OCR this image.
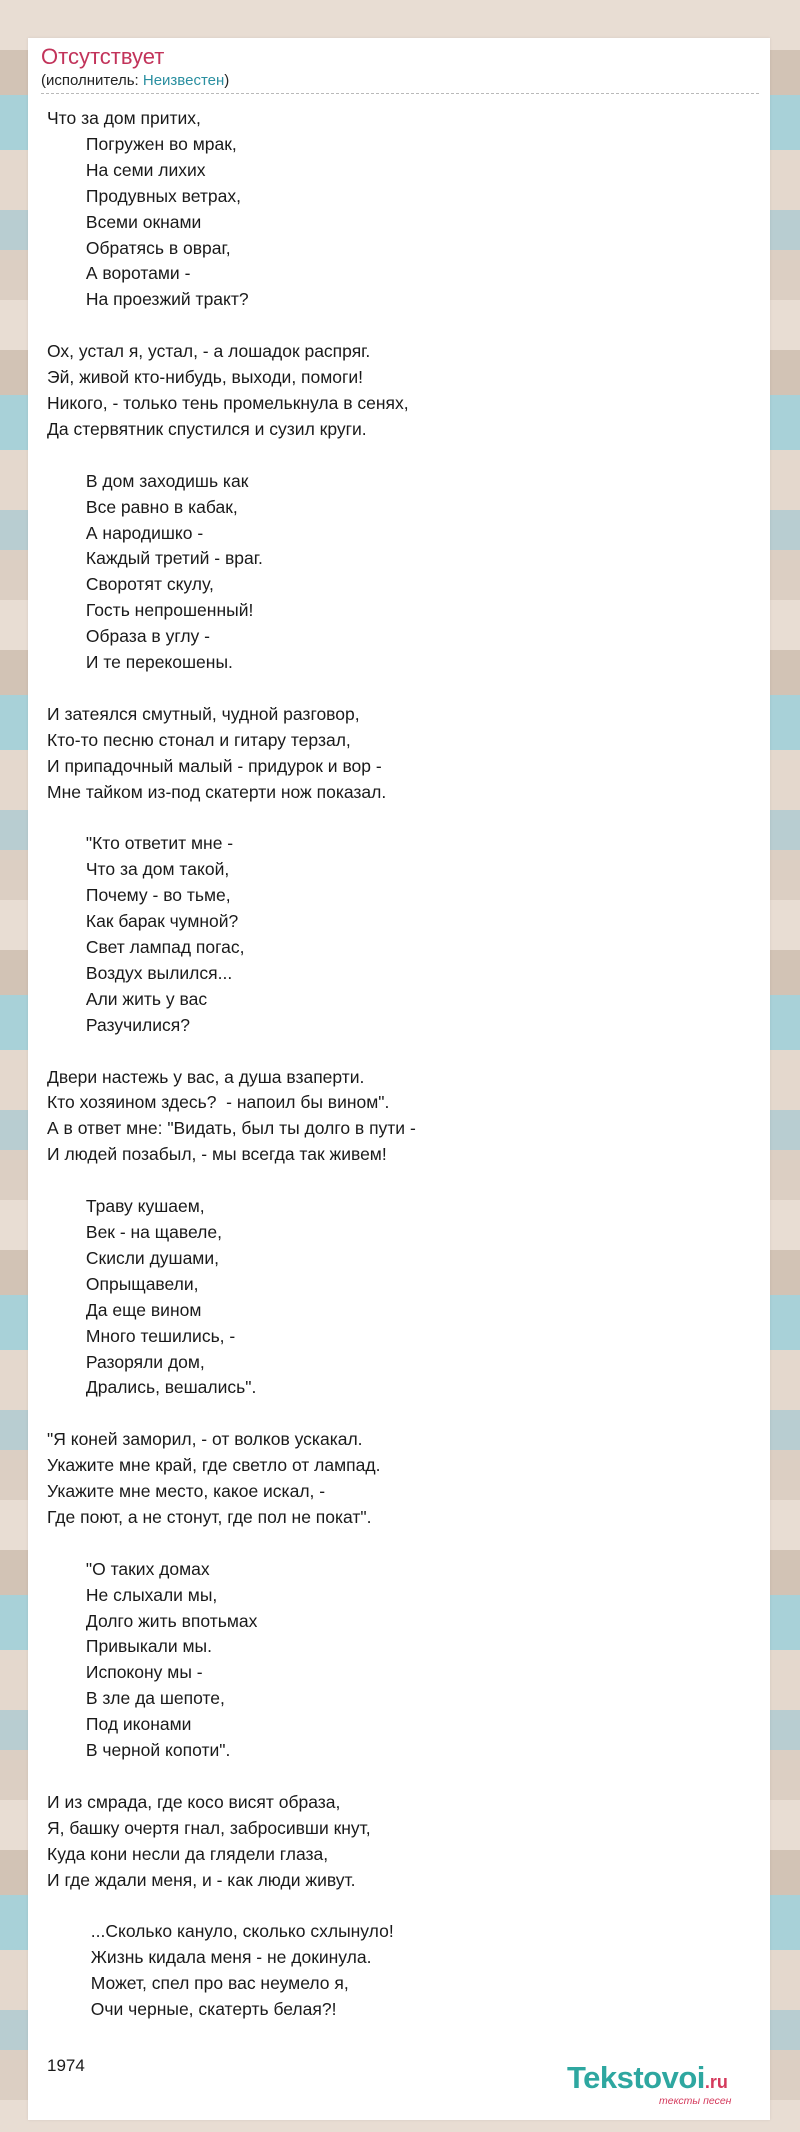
Отсутствует
(исполнитель: Неизвестен)
Что за дом притих,
Погружен во мрак,
На семи лихих
Продувных ветрах,
Всеми окнами
Обратясь в овраг,
А воротами -
На проезжий тракт?

Ох, устал я, устал, - а лошадок распряг.
Эй, живой кто-нибудь, выходи, помоги!
Никого, - только тень промелькнула в сенях,
Да стервятник спустился и сузил круги.

В дом заходишь как
Все равно в кабак,
А народишко -
Каждый третий - враг.
Своротят скулу,
Гость непрошенный!
Образа в углу -
И те перекошены.

И затеялся смутный, чудной разговор,
Кто-то песню стонал и гитару терзал,
И припадочный малый - придурок и вор -
Мне тайком из-под скатерти нож показал.

"Кто ответит мне -
Что за дом такой,
Почему - во тьме,
Как барак чумной?
Свет лампад погас,
Воздух вылился...
Али жить у вас
Разучилися?

Двери настежь у вас, а душа взаперти.
Кто хозяином здесь?  - напоил бы вином".
А в ответ мне: "Видать, был ты долго в пути -
И людей позабыл, - мы всегда так живем!

Траву кушаем,
Век - на щавеле,
Скисли душами,
Опрыщавели,
Да еще вином
Много тешились, -
Разоряли дом,
Дрались, вешались".

"Я коней заморил, - от волков ускакал.
Укажите мне край, где светло от лампад.
Укажите мне место, какое искал, -
Где поют, а не стонут, где пол не покат".

"О таких домах
Не слыхали мы,
Долго жить впотьмах
Привыкали мы.
Испокону мы -
В зле да шепоте,
Под иконами
В черной копоти".

И из смрада, где косо висят образа,
Я, башку очертя гнал, забросивши кнут,
Куда кони несли да глядели глаза,
И где ждали меня, и - как люди живут.

...Сколько кануло, сколько схлынуло!
Жизнь кидала меня - не докинула.
Может, спел про вас неумело я,
Очи черные, скатерть белая?!
1974	Tekstovoi.ru
тексты песен
